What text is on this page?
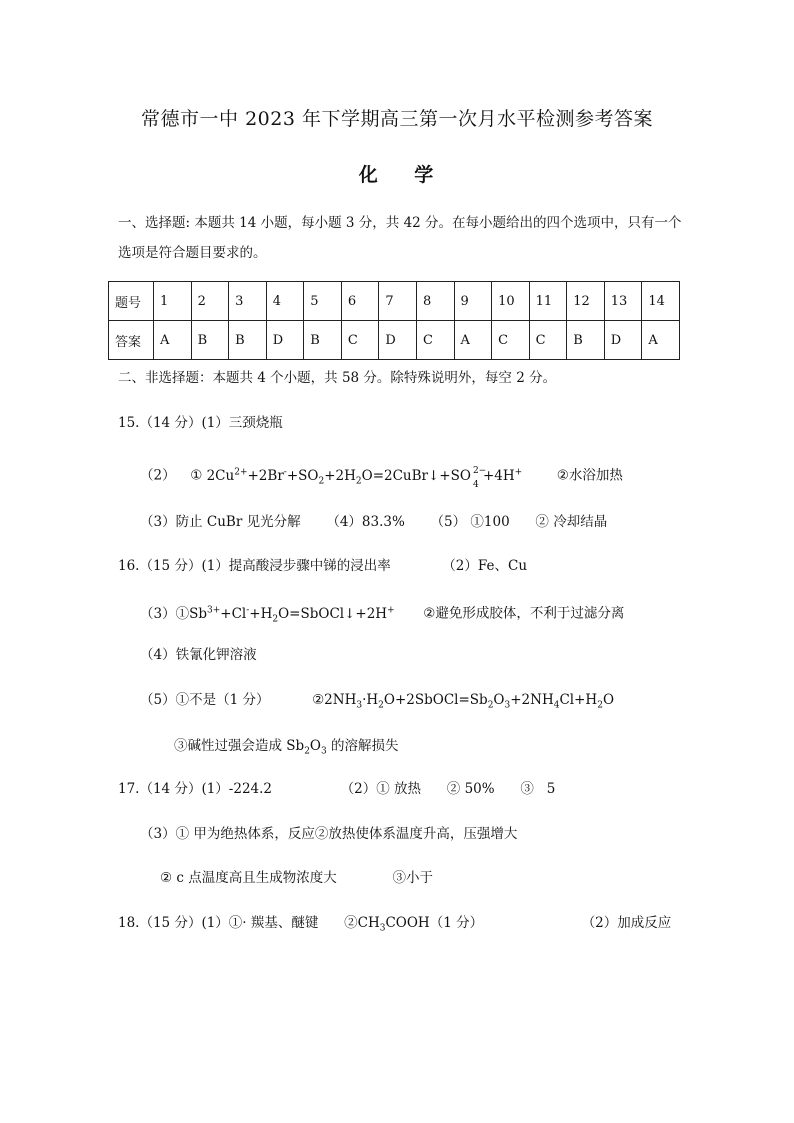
常德市一中 2023 年下学期高三第一次月水平检测参考答案
化    学
一、选择题: 本题共 14 小题，每小题 3 分，共 42 分。在每小题给出的四个选项中，只有一个选项是符合题目要求的。
题号	1	2	3	4	5	6	7	8	9	10	11	12	13	14
答案	A	B	B	D	B	C	D	C	A	C	C	B	D	A
二、非选择题：本题共 4 个小题，共 58 分。除特殊说明外，每空 2 分。
15.（14 分）(1）三颈烧瓶
（2） ① $2Cu^{2+}+2Br^-+SO_2+2H_2O=2CuBr↓+SO$ 2−
4
+4H+	②水浴加热
（3）防止 CuBr 见光分解      （4）83.3%      （5） ①100      ② 冷却结晶
16.（15 分）(1）提高酸浸步骤中锑的浸出率            （2）Fe、Cu
$(3)①Sb^{3+}+Cl^-+H_2O=SbOCl↓+2H^+$ ②避免形成胶体，不利于过滤分离
（4）铁氰化钾溶液
（5）①不是（1 分）	$②2NH_3\cdot H_2O+2SbOCl=Sb_2O_3+2NH_4Cl+H_2O$
③碱性过强会造成 $Sb_2O_3$ 的溶解损失
17.（14 分）(1）-224.2                （2）① 放热      ② 50%      ③   5
（3）① 甲为绝热体系，反应②放热使体系温度升高，压强增大
② c 点温度高且生成物浓度大             ③小于
18.（15 分）(1）①· 羰基、醚键      $②CH_3COOH(1$ 分）	（2）加成反应
